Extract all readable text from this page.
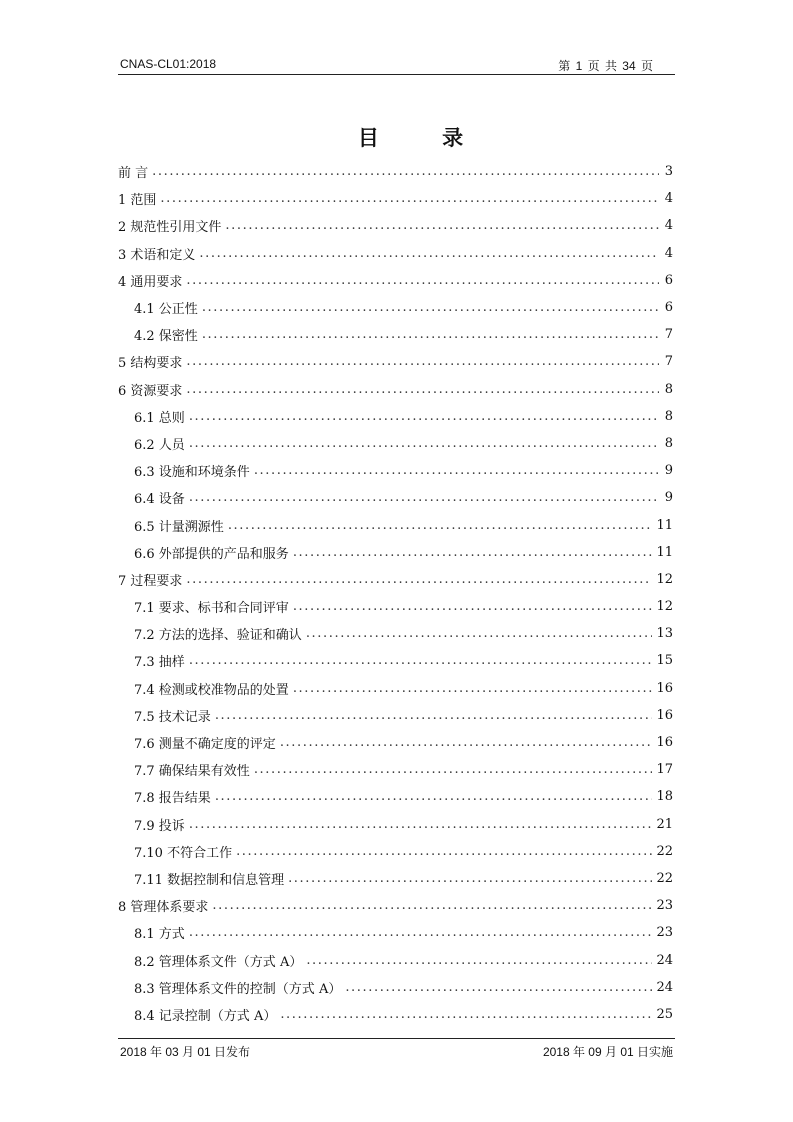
CNAS-CL01:2018	第 1 页 共 34 页
目 录
前 言 .....	3
1 范围 .....	4
2 规范性引用文件 .....	4
3 术语和定义 .....	4
4 通用要求 .....	6
4.1 公正性 .....	6
4.2 保密性 .....	7
5 结构要求 .....	7
6 资源要求 .....	8
6.1 总则 .....	8
6.2 人员 .....	8
6.3 设施和环境条件 .....	9
6.4 设备 .....	9
6.5 计量溯源性 .....	11
6.6 外部提供的产品和服务 .....	11
7 过程要求 .....	12
7.1 要求、标书和合同评审 .....	12
7.2 方法的选择、验证和确认 .....	13
7.3 抽样 .....	15
7.4 检测或校准物品的处置 .....	16
7.5 技术记录 .....	16
7.6 测量不确定度的评定 .....	16
7.7 确保结果有效性 .....	17
7.8 报告结果 .....	18
7.9 投诉 .....	21
7.10 不符合工作 .....	22
7.11 数据控制和信息管理 .....	22
8 管理体系要求 .....	23
8.1 方式 .....	23
8.2 管理体系文件（方式 A） .....	24
8.3 管理体系文件的控制（方式 A） .....	24
8.4 记录控制（方式 A） .....	25
2018 年 03 月 01 日发布	2018 年 09 月 01 日实施
